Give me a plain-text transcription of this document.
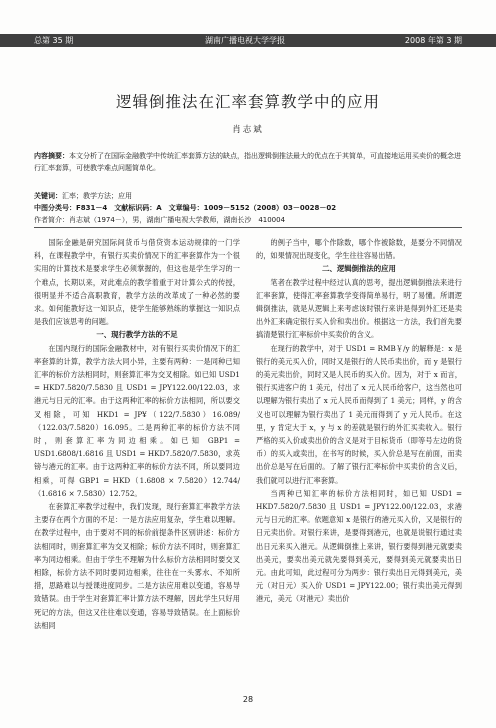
总第 35 期	湖南广播电视大学学报	2008 年第 3 期
逻辑倒推法在汇率套算教学中的应用
肖志斌
内容摘要：本文分析了在国际金融教学中传统汇率套算方法的缺点，指出逻辑倒推法最大的优点在于其简单，可直接地运用买卖价的概念进行汇率套算，可使教学难点问题简单化。
关键词：汇率；教学方法；应用
中图分类号：F831－4　文献标识码：A　文章编号：1009－5152（2008）03－0028－02
作者简介：肖志斌（1974－），男，湖南广播电视大学教师，湖南长沙　410004

国际金融是研究国际间货币与借贷资本运动规律的一门学科，在课程教学中，有银行买卖价情况下的汇率套算作为一个很实用的计算技术是要求学生必须掌握的，但这也是学生学习的一个难点，长期以来，对此难点的教学着重于对计算公式的传授，很明显并不适合高职教育，教学方法的改革成了一种必然的要求。如何能教好这一知识点，使学生能够熟练的掌握这一知识点是我们应该思考的问题。

一、现行教学方法的不足

在国内现行的国际金融教材中，对有银行买卖价情况下的汇率套算的计算，教学方法大同小异，主要有两种：一是同种已知汇率的标价方法相同时，则套算汇率为交叉相除。如已知 USD1 = HKD7.5820/7.5830 且 USD1 = JPY122.00/122.03，求港元与日元的汇率。由于这两种汇率的标价方法相同，所以要交叉相除，可知 HKD1 = JP¥（122/7.5830）16.089/（122.03/7.5820）16.095。二是两种汇率的标价方法不同时，则套算汇率为同边相乘。如已知 GBP1 = USD1.6808/1.6816 且 USD1 = HKD7.5820/7.5830，求英镑与港元的汇率。由于这两种汇率的标价方法不同，所以要同边相乘，可得 GBP1 = HKD（1.6808 × 7.5820）12.744/（1.6816 × 7.5830）12.752。

在套算汇率教学过程中，我们发现，现行套算汇率教学方法主要存在两个方面的不足：一是方法应用复杂，学生难以理解。在教学过程中，由于要对不同的标价前提条件区别讲述：标价方法相同时，则套算汇率为交叉相除；标价方法不同时，则套算汇率为同边相乘。但由于学生不理解为什么标价方法相同时要交叉相除，标价方法不同时要同边相乘，往往在一头雾水、不知所措，思路难以与授课进度同步。二是方法应用难以变通，容易导致错误。由于学生对套算汇率计算方法不理解，因此学生只好用死记的方法，但这又往往难以变通，容易导致错误。在上面标价法相同

的例子当中，哪个作除数，哪个作被除数，是要分不同情况的，如果情况出现变化，学生往往容易出错。

二、逻辑倒推法的应用

笔者在教学过程中经过认真的思考，提出逻辑倒推法来进行汇率套算，使得汇率套算教学变得简单易行，明了易懂。所谓逻辑倒推法，就是从逻辑上来考虑该时银行来讲是得到外汇还是卖出外汇来确定银行买入价和卖出价。根据这一方法，我们首先要搞清楚银行汇率标价中买卖价的含义。

在现行的教学中，对于 USD1 = RMB￥/y 的解释是：x 是银行的美元买入价，同时又是银行的人民币卖出价，而 y 是银行的美元卖出价，同时又是人民币的买入价。因为，对于 x 而言，银行买进客户的 1 美元，付出了 x 元人民币给客户，这当然也可以理解为银行卖出了 x 元人民币而得到了 1 美元；同样，y 的含义也可以理解为银行卖出了 1 美元而得到了 y 元人民币。在这里，y 肯定大于 x，y 与 x 的差就是银行的外汇买卖收入。银行严格的买入价或卖出价的含义是对于目标货币（即等号左边的货币）的买入或卖出，在书写的时候，买入价总是写在前面，而卖出价总是写在后面的。了解了银行汇率标价中买卖价的含义后，我们就可以进行汇率套算。

当两种已知汇率的标价方法相同时，如已知 USD1 = HKD7.5820/7.5830 且 USD1 = JPY122.00/122.03，求港元与日元的汇率。依题意知 x 是银行的港元买入价，又是银行的日元卖出价。对银行来讲，是要得到港元，也就是说银行通过卖出日元来买入港元。从逻辑倒推上来讲，银行要得到港元就要卖出美元，要卖出美元就先要得到美元，要得到美元就要卖出日元。由此可知，此过程可分为两步：银行卖出日元得到美元，美元（对日元）买入价 USD1 = JPY122.00；银行卖出美元得到港元，美元（对港元）卖出价

28
